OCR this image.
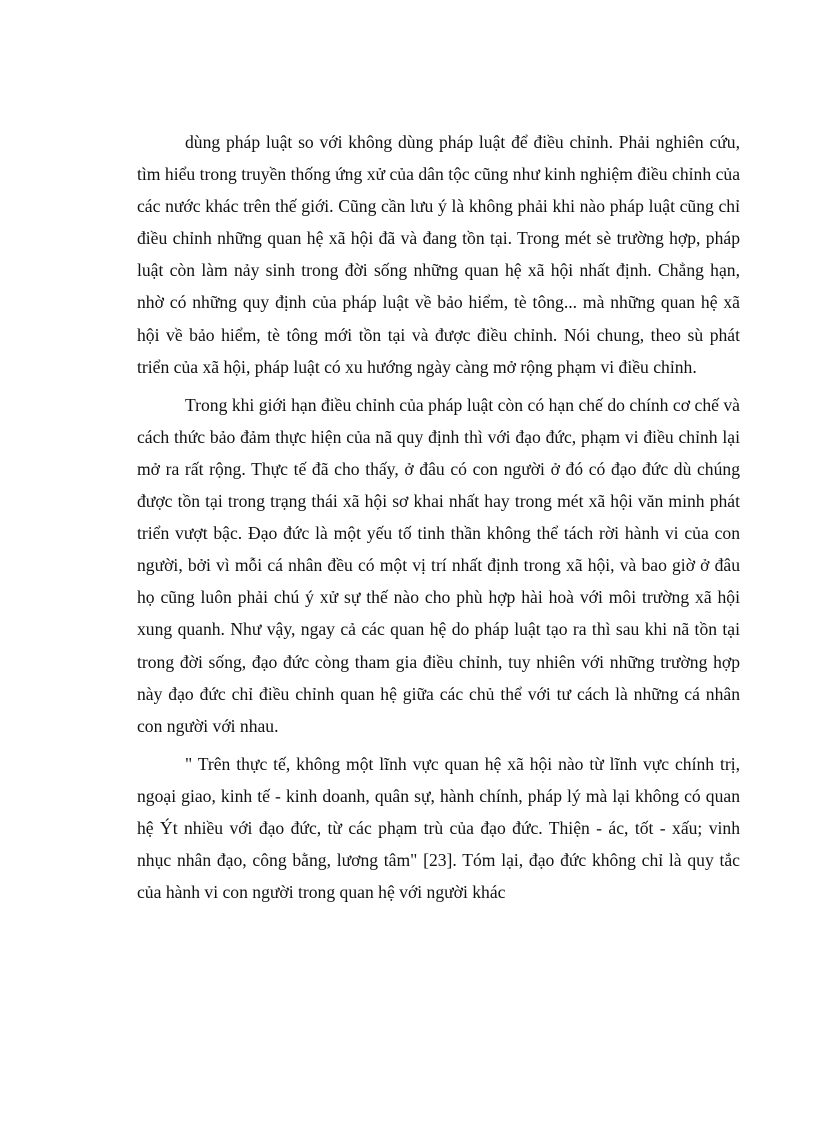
dùng pháp luật so với không dùng pháp luật để điều chỉnh. Phải nghiên cứu, tìm hiểu trong truyền thống ứng xử của dân tộc cũng như kinh nghiệm điều chỉnh của các nước khác trên thế giới. Cũng cần lưu ý là không phải khi nào pháp luật cũng chỉ điều chỉnh những quan hệ xã hội đã và đang tồn tại. Trong mét sè trường hợp, pháp luật còn làm nảy sinh trong đời sống những quan hệ xã hội nhất định. Chẳng hạn, nhờ có những quy định của pháp luật về bảo hiểm, tè tông... mà những quan hệ xã hội về bảo hiểm, tè tông mới tồn tại và được điều chỉnh. Nói chung, theo sù phát triển của xã hội, pháp luật có xu hướng ngày càng mở rộng phạm vi điều chỉnh.

Trong khi giới hạn điều chỉnh của pháp luật còn có hạn chế do chính cơ chế và cách thức bảo đảm thực hiện của nã quy định thì với đạo đức, phạm vi điều chỉnh lại mở ra rất rộng. Thực tế đã cho thấy, ở đâu có con người ở đó có đạo đức dù chúng được tồn tại trong trạng thái xã hội sơ khai nhất hay trong mét xã hội văn minh phát triển vượt bậc. Đạo đức là một yếu tố tinh thần không thể tách rời hành vi của con người, bởi vì mỗi cá nhân đều có một vị trí nhất định trong xã hội, và bao giờ ở đâu họ cũng luôn phải chú ý xử sự thế nào cho phù hợp hài hoà với môi trường xã hội xung quanh. Như vậy, ngay cả các quan hệ do pháp luật tạo ra thì sau khi nã tồn tại trong đời sống, đạo đức còng tham gia điều chỉnh, tuy nhiên với những trường hợp này đạo đức chỉ điều chỉnh quan hệ giữa các chủ thể với tư cách là những cá nhân con người với nhau.

" Trên thực tế, không một lĩnh vực quan hệ xã hội nào từ lĩnh vực chính trị, ngoại giao, kinh tế - kinh doanh, quân sự, hành chính, pháp lý mà lại không có quan hệ Ýt nhiều với đạo đức, từ các phạm trù của đạo đức. Thiện - ác, tốt - xấu; vinh nhục nhân đạo, công bằng, lương tâm" [23]. Tóm lại, đạo đức không chỉ là quy tắc của hành vi con người trong quan hệ với người khác
